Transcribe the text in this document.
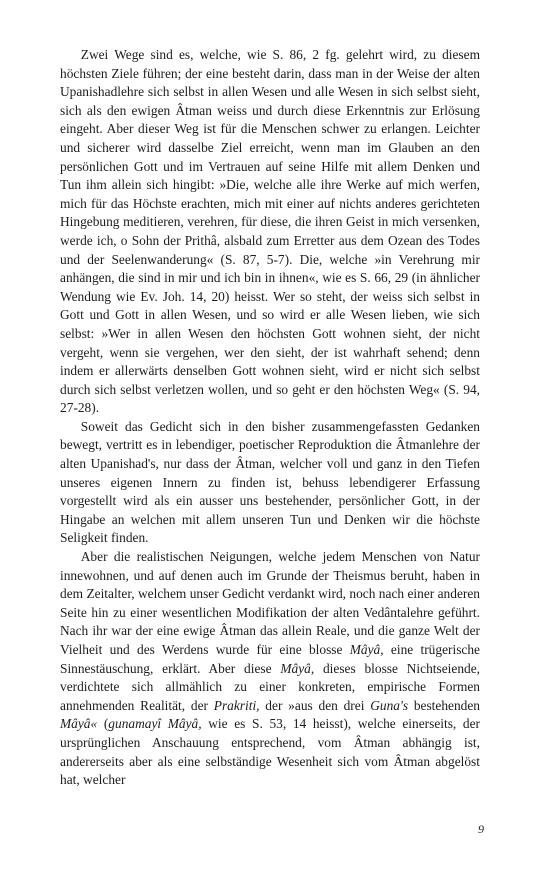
Zwei Wege sind es, welche, wie S. 86, 2 fg. gelehrt wird, zu diesem höchsten Ziele führen; der eine besteht darin, dass man in der Weise der alten Upanishadlehre sich selbst in allen Wesen und alle Wesen in sich selbst sieht, sich als den ewigen Âtman weiss und durch diese Erkenntnis zur Erlösung eingeht. Aber dieser Weg ist für die Menschen schwer zu erlangen. Leichter und sicherer wird dasselbe Ziel erreicht, wenn man im Glauben an den persönlichen Gott und im Vertrauen auf seine Hilfe mit allem Denken und Tun ihm allein sich hingibt: »Die, welche alle ihre Werke auf mich werfen, mich für das Höchste erachten, mich mit einer auf nichts anderes gerichteten Hingebung meditieren, verehren, für diese, die ihren Geist in mich versenken, werde ich, o Sohn der Prithâ, alsbald zum Erretter aus dem Ozean des Todes und der Seelenwanderung« (S. 87, 5-7). Die, welche »in Verehrung mir anhängen, die sind in mir und ich bin in ihnen«, wie es S. 66, 29 (in ähnlicher Wendung wie Ev. Joh. 14, 20) heisst. Wer so steht, der weiss sich selbst in Gott und Gott in allen Wesen, und so wird er alle Wesen lieben, wie sich selbst: »Wer in allen Wesen den höchsten Gott wohnen sieht, der nicht vergeht, wenn sie vergehen, wer den sieht, der ist wahrhaft sehend; denn indem er allerwärts denselben Gott wohnen sieht, wird er nicht sich selbst durch sich selbst verletzen wollen, und so geht er den höchsten Weg« (S. 94, 27-28).

Soweit das Gedicht sich in den bisher zusammengefassten Gedanken bewegt, vertritt es in lebendiger, poetischer Reproduktion die Âtmanlehre der alten Upanishad's, nur dass der Âtman, welcher voll und ganz in den Tiefen unseres eigenen Innern zu finden ist, behuss lebendigerer Erfassung vorgestellt wird als ein ausser uns bestehender, persönlicher Gott, in der Hingabe an welchen mit allem unseren Tun und Denken wir die höchste Seligkeit finden.

Aber die realistischen Neigungen, welche jedem Menschen von Natur innewohnen, und auf denen auch im Grunde der Theismus beruht, haben in dem Zeitalter, welchem unser Gedicht verdankt wird, noch nach einer anderen Seite hin zu einer wesentlichen Modifikation der alten Vedântalehre geführt. Nach ihr war der eine ewige Âtman das allein Reale, und die ganze Welt der Vielheit und des Werdens wurde für eine blosse Mâyâ, eine trügerische Sinnestäuschung, erklärt. Aber diese Mâyâ, dieses blosse Nichtseiende, verdichtete sich allmählich zu einer konkreten, empirische Formen annehmenden Realität, der Prakriti, der »aus den drei Guna's bestehenden Mâyâ« (gunamayî Mâyâ, wie es S. 53, 14 heisst), welche einerseits, der ursprünglichen Anschauung entsprechend, vom Âtman abhängig ist, andererseits aber als eine selbständige Wesenheit sich vom Âtman abgelöst hat, welcher

9
